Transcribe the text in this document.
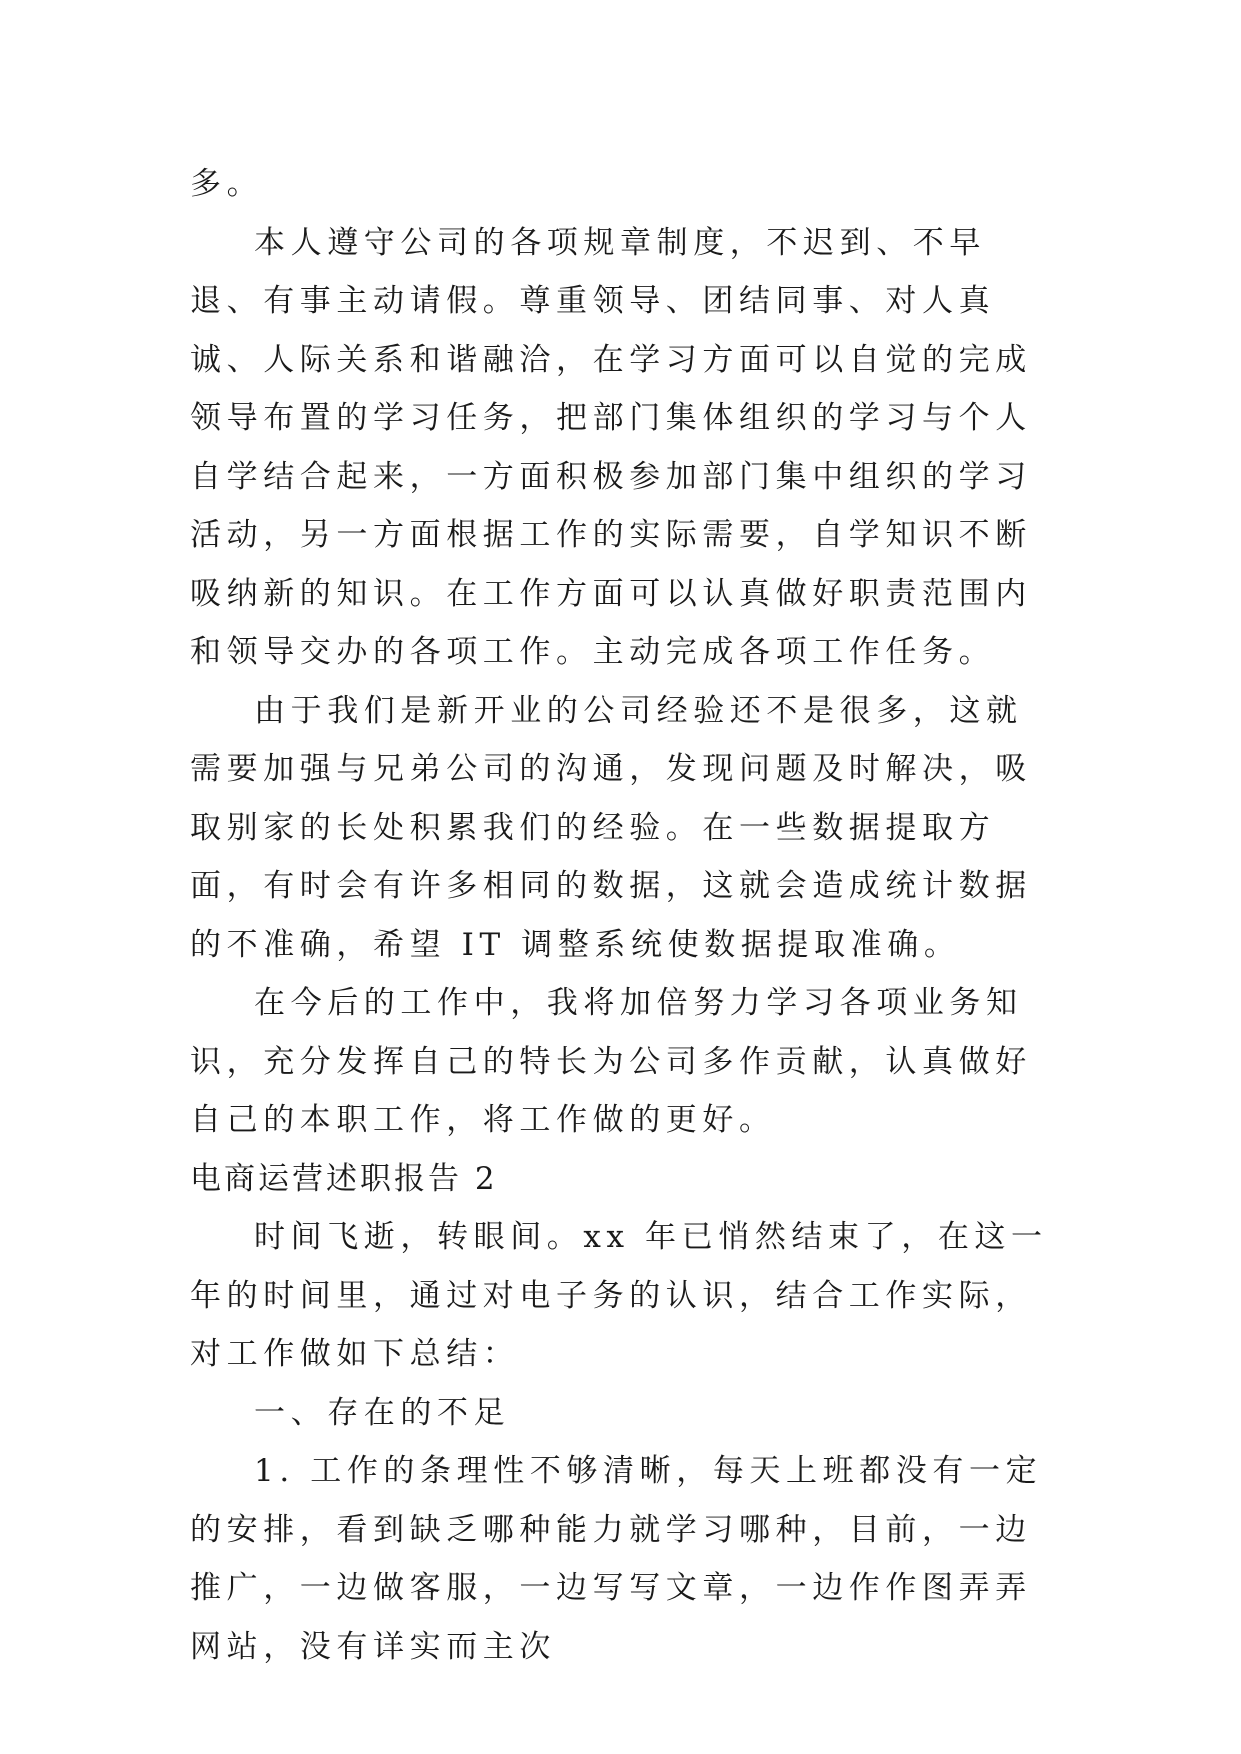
多。

本人遵守公司的各项规章制度，不迟到、不早退、有事主动请假。尊重领导、团结同事、对人真诚、人际关系和谐融洽，在学习方面可以自觉的完成领导布置的学习任务，把部门集体组织的学习与个人自学结合起来，一方面积极参加部门集中组织的学习活动，另一方面根据工作的实际需要，自学知识不断吸纳新的知识。在工作方面可以认真做好职责范围内和领导交办的各项工作。主动完成各项工作任务。

由于我们是新开业的公司经验还不是很多，这就需要加强与兄弟公司的沟通，发现问题及时解决，吸取别家的长处积累我们的经验。在一些数据提取方面，有时会有许多相同的数据，这就会造成统计数据的不准确，希望 IT 调整系统使数据提取准确。

在今后的工作中，我将加倍努力学习各项业务知识，充分发挥自己的特长为公司多作贡献，认真做好自己的本职工作，将工作做的更好。

电商运营述职报告 2

时间飞逝，转眼间。xx 年已悄然结束了，在这一年的时间里，通过对电子务的认识，结合工作实际，对工作做如下总结：

一、存在的不足

1. 工作的条理性不够清晰，每天上班都没有一定的安排，看到缺乏哪种能力就学习哪种，目前，一边推广，一边做客服，一边写写文章，一边作作图弄弄网站，没有详实而主次
